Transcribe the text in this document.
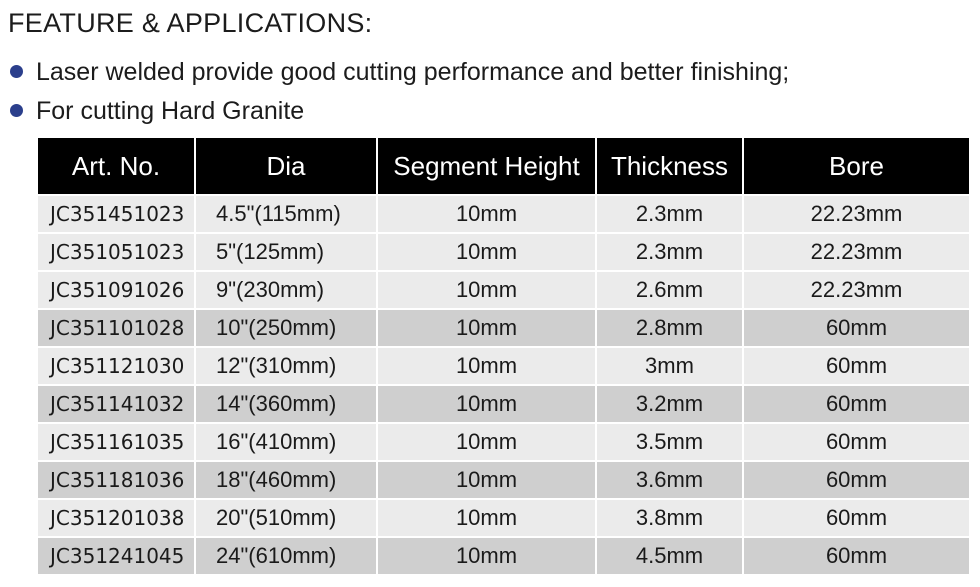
FEATURE & APPLICATIONS:
Laser welded provide good cutting performance and better finishing;
For cutting Hard Granite
Art. No.	Dia	Segment Height	Thickness	Bore
JC351451023	4.5"(115mm)	10mm	2.3mm	22.23mm
JC351051023	5"(125mm)	10mm	2.3mm	22.23mm
JC351091026	9"(230mm)	10mm	2.6mm	22.23mm
JC351101028	10"(250mm)	10mm	2.8mm	60mm
JC351121030	12"(310mm)	10mm	3mm	60mm
JC351141032	14"(360mm)	10mm	3.2mm	60mm
JC351161035	16"(410mm)	10mm	3.5mm	60mm
JC351181036	18"(460mm)	10mm	3.6mm	60mm
JC351201038	20"(510mm)	10mm	3.8mm	60mm
JC351241045	24"(610mm)	10mm	4.5mm	60mm
